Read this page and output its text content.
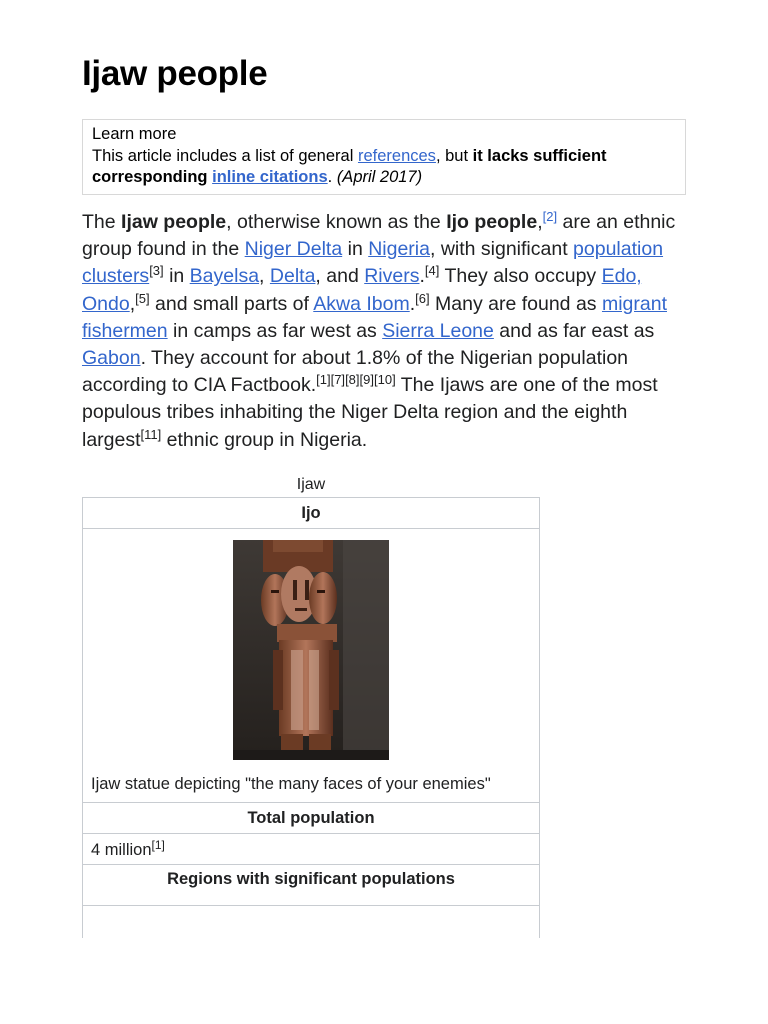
Ijaw people
Learn more
This article includes a list of general references, but it lacks sufficient corresponding inline citations. (April 2017)

The Ijaw people, otherwise known as the Ijo people,[2] are an ethnic group found in the Niger Delta in Nigeria, with significant population clusters[3] in Bayelsa, Delta, and Rivers.[4] They also occupy Edo, Ondo,[5] and small parts of Akwa Ibom.[6] Many are found as migrant fishermen in camps as far west as Sierra Leone and as far east as Gabon. They account for about 1.8% of the Nigerian population according to CIA Factbook.[1][7][8][9][10] The Ijaws are one of the most populous tribes inhabiting the Niger Delta region and the eighth largest[11] ethnic group in Nigeria.

Ijaw
Ijo
Ijaw statue depicting "the many faces of your enemies"
Total population
4 million[1]
Regions with significant populations
